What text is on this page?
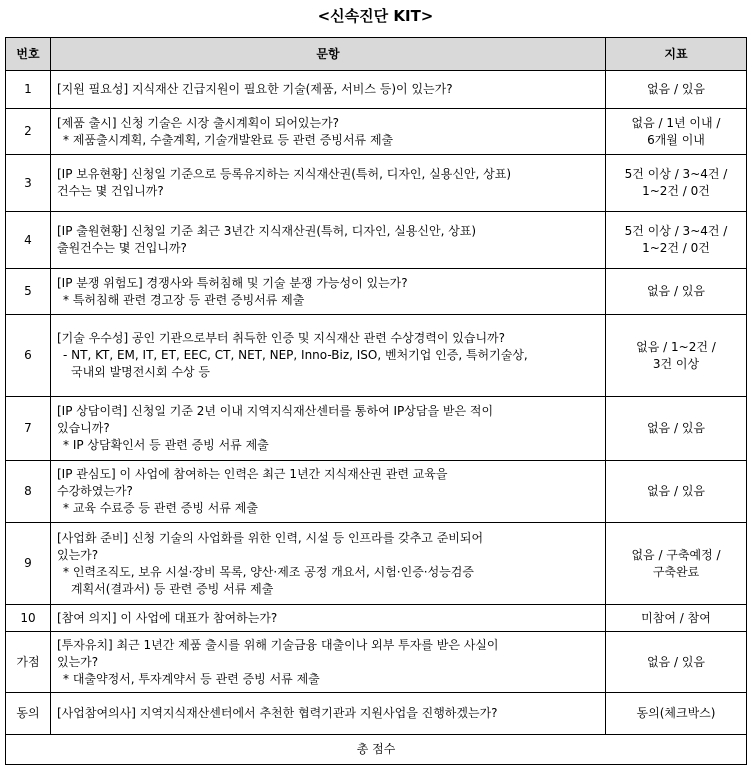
<신속진단 KIT>
번호	문항	지표
1	[지원 필요성] 지식재산 긴급지원이 필요한 기술(제품, 서비스 등)이 있는가?	없음 / 있음

2	[제품 출시] 신청 기술은 시장 출시계획이 되어있는가?
* 제품출시계획, 수출계획, 기술개발완료 등 관련 증빙서류 제출	없음 / 1년 이내 /
6개월 이내

3	[IP 보유현황] 신청일 기준으로 등록유지하는 지식재산권(특허, 디자인, 실용신안, 상표)
건수는 몇 건입니까?	5건 이상 / 3~4건 /
1~2건 / 0건

4	[IP 출원현황] 신청일 기준 최근 3년간 지식재산권(특허, 디자인, 실용신안, 상표)
출원건수는 몇 건입니까?	5건 이상 / 3~4건 /
1~2건 / 0건

5	[IP 분쟁 위험도] 경쟁사와 특허침해 및 기술 분쟁 가능성이 있는가?
* 특허침해 관련 경고장 등 관련 증빙서류 제출	없음 / 있음

6	[기술 우수성] 공인 기관으로부터 취득한 인증 및 지식재산 관련 수상경력이 있습니까?
- NT, KT, EM, IT, ET, EEC, CT, NET, NEP, Inno-Biz, ISO, 벤처기업 인증, 특허기술상,
국내외 발명전시회 수상 등	없음 / 1~2건 /
3건 이상

7	[IP 상담이력] 신청일 기준 2년 이내 지역지식재산센터를 통하여 IP상담을 받은 적이
있습니까?
* IP 상담확인서 등 관련 증빙 서류 제출	없음 / 있음

8	[IP 관심도] 이 사업에 참여하는 인력은 최근 1년간 지식재산권 관련 교육을
수강하였는가?
* 교육 수료증 등 관련 증빙 서류 제출	없음 / 있음

9	[사업화 준비] 신청 기술의 사업화를 위한 인력, 시설 등 인프라를 갖추고 준비되어
있는가?
* 인력조직도, 보유 시설·장비 목록, 양산·제조 공정 개요서, 시험·인증·성능검증
계획서(결과서) 등 관련 증빙 서류 제출	없음 / 구축예정 /
구축완료

10	[참여 의지] 이 사업에 대표가 참여하는가?	미참여 / 참여

가점	[투자유치] 최근 1년간 제품 출시를 위해 기술금융 대출이나 외부 투자를 받은 사실이
있는가?
* 대출약정서, 투자계약서 등 관련 증빙 서류 제출	없음 / 있음

동의	[사업참여의사] 지역지식재산센터에서 추천한 협력기관과 지원사업을 진행하겠는가?	동의(체크박스)

총 점수		
